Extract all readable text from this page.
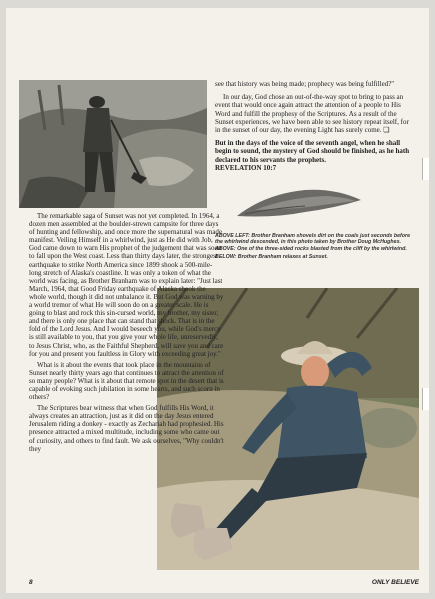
see that history was being made; prophecy was being fulfilled?"

In our day, God chose an out-of-the-way spot to bring to pass an event that would once again attract the attention of a people to His Word and fulfill the prophesy of the Scriptures. As a result of the Sunset experiences, we have been able to see history repeat itself, for in the sunset of our day, the evening Light has surely come. ❑

But in the days of the voice of the seventh angel, when he shall begin to sound, the mystery of God should be finished, as he hath declared to his servants the prophets.

REVELATION 10:7

ABOVE LEFT: Brother Branham shovels dirt on the coals just seconds before the whirlwind descended, in this photo taken by Brother Doug McHughes.

ABOVE: One of the three-sided rocks blasted from the cliff by the whirlwind.

BELOW: Brother Branham relaxes at Sunset.

The remarkable saga of Sunset was not yet completed. In 1964, a dozen men assembled at the boulder-strewn campsite for three days of hunting and fellowship, and once more the supernatural was made manifest. Veiling Himself in a whirlwind, just as He did with Job, God came down to warn His prophet of the judgement that was soon to fall upon the West coast. Less than thirty days later, the strongest earthquake to strike North America since 1899 shook a 500-mile-long stretch of Alaska's coastline. It was only a token of what the world was facing, as Brother Branham was to explain later: "Just last March, 1964, that Good Friday earthquake of Alaska shook the whole world, though it did not unbalance it. But God was warning by a world tremor of what He will soon do on a greater scale. He is going to blast and rock this sin-cursed world, my brother, my sister, and there is only one place that can stand that shock. That is in the fold of the Lord Jesus. And I would beseech you, while God's mercy is still available to you, that you give your whole life, unreservedly, to Jesus Christ, who, as the Faithful Shepherd, will save you and care for you and present you faultless in Glory with exceeding great joy."

What is it about the events that took place in the mountains of Sunset nearly thirty years ago that continues to attract the attention of so many people? What is it about that remote spot in the desert that is capable of evoking such jubilation in some hearts, and such scorn in others?

The Scriptures bear witness that when God fulfills His Word, it always creates an attraction, just as it did on the day Jesus entered Jerusalem riding a donkey - exactly as Zechariah had prophesied. His presence attracted a mixed multitude, including some who came out of curiosity, and others to find fault. We ask ourselves, "Why couldn't they

8	ONLY BELIEVE
